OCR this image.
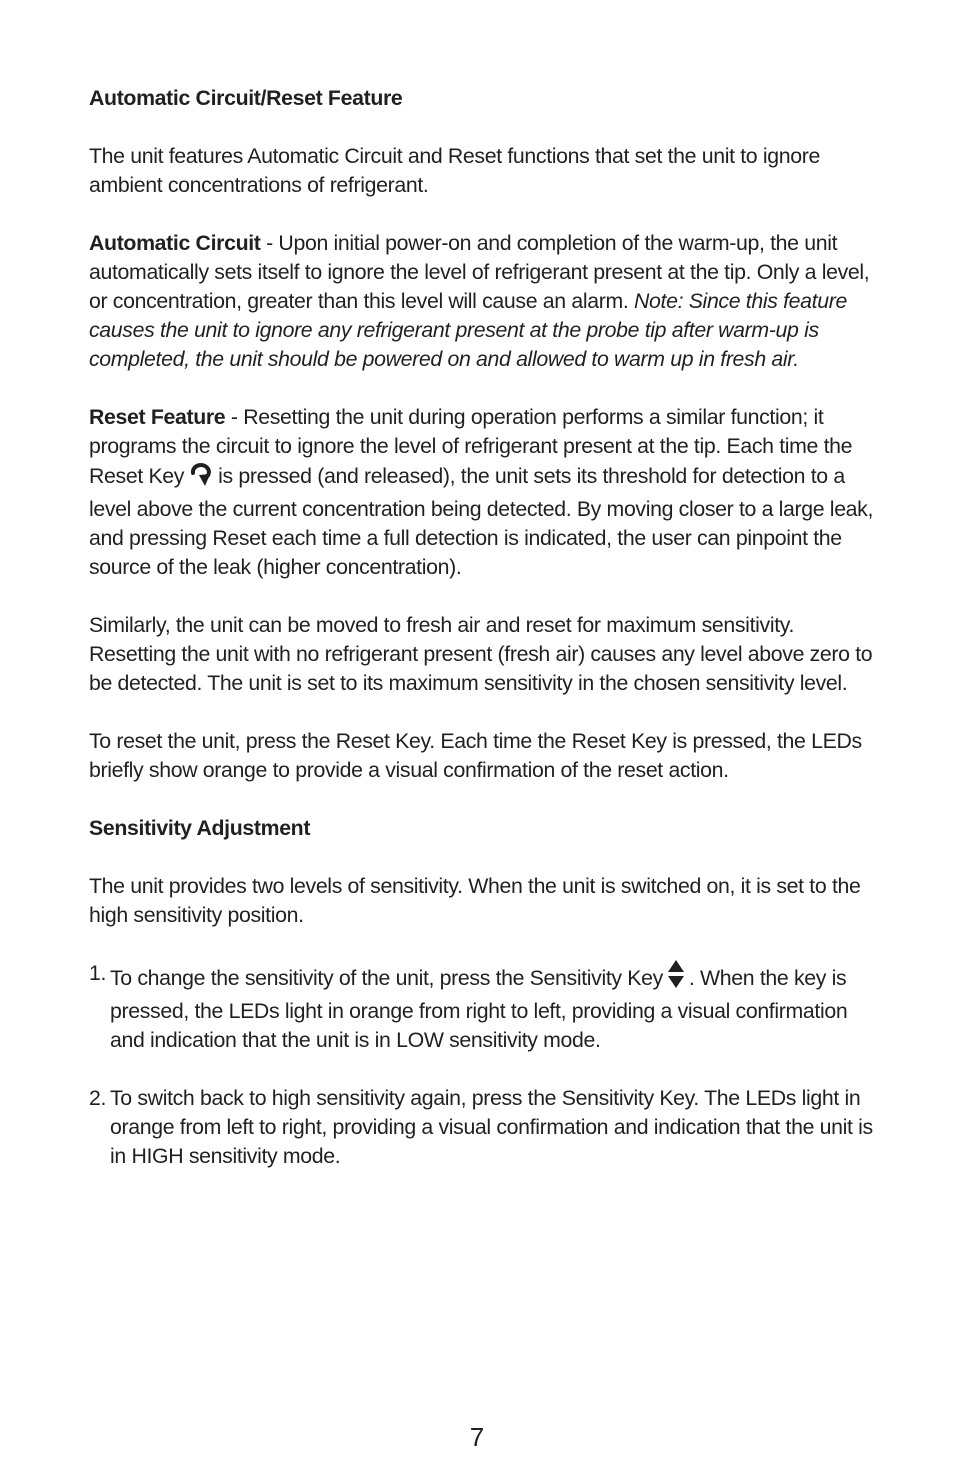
Automatic Circuit/Reset Feature

The unit features Automatic Circuit and Reset functions that set the unit to ignore ambient concentrations of refrigerant.

Automatic Circuit - Upon initial power-on and completion of the warm-up, the unit automatically sets itself to ignore the level of refrigerant present at the tip. Only a level, or concentration, greater than this level will cause an alarm. Note: Since this feature causes the unit to ignore any refrigerant present at the probe tip after warm-up is completed, the unit should be powered on and allowed to warm up in fresh air.

Reset Feature - Resetting the unit during operation performs a similar function; it programs the circuit to ignore the level of refrigerant present at the tip. Each time the Reset Key is pressed (and released), the unit sets its threshold for detection to a level above the current concentration being detected. By moving closer to a large leak, and pressing Reset each time a full detection is indicated, the user can pinpoint the source of the leak (higher concentration).

Similarly, the unit can be moved to fresh air and reset for maximum sensitivity. Resetting the unit with no refrigerant present (fresh air) causes any level above zero to be detected. The unit is set to its maximum sensitivity in the chosen sensitivity level.

To reset the unit, press the Reset Key. Each time the Reset Key is pressed, the LEDs briefly show orange to provide a visual confirmation of the reset action.

Sensitivity Adjustment

The unit provides two levels of sensitivity. When the unit is switched on, it is set to the high sensitivity position.

1. To change the sensitivity of the unit, press the Sensitivity Key . When the key is pressed, the LEDs light in orange from right to left, providing a visual confirmation and indication that the unit is in LOW sensitivity mode.
2. To switch back to high sensitivity again, press the Sensitivity Key. The LEDs light in orange from left to right, providing a visual confirmation and indication that the unit is in HIGH sensitivity mode.
7
